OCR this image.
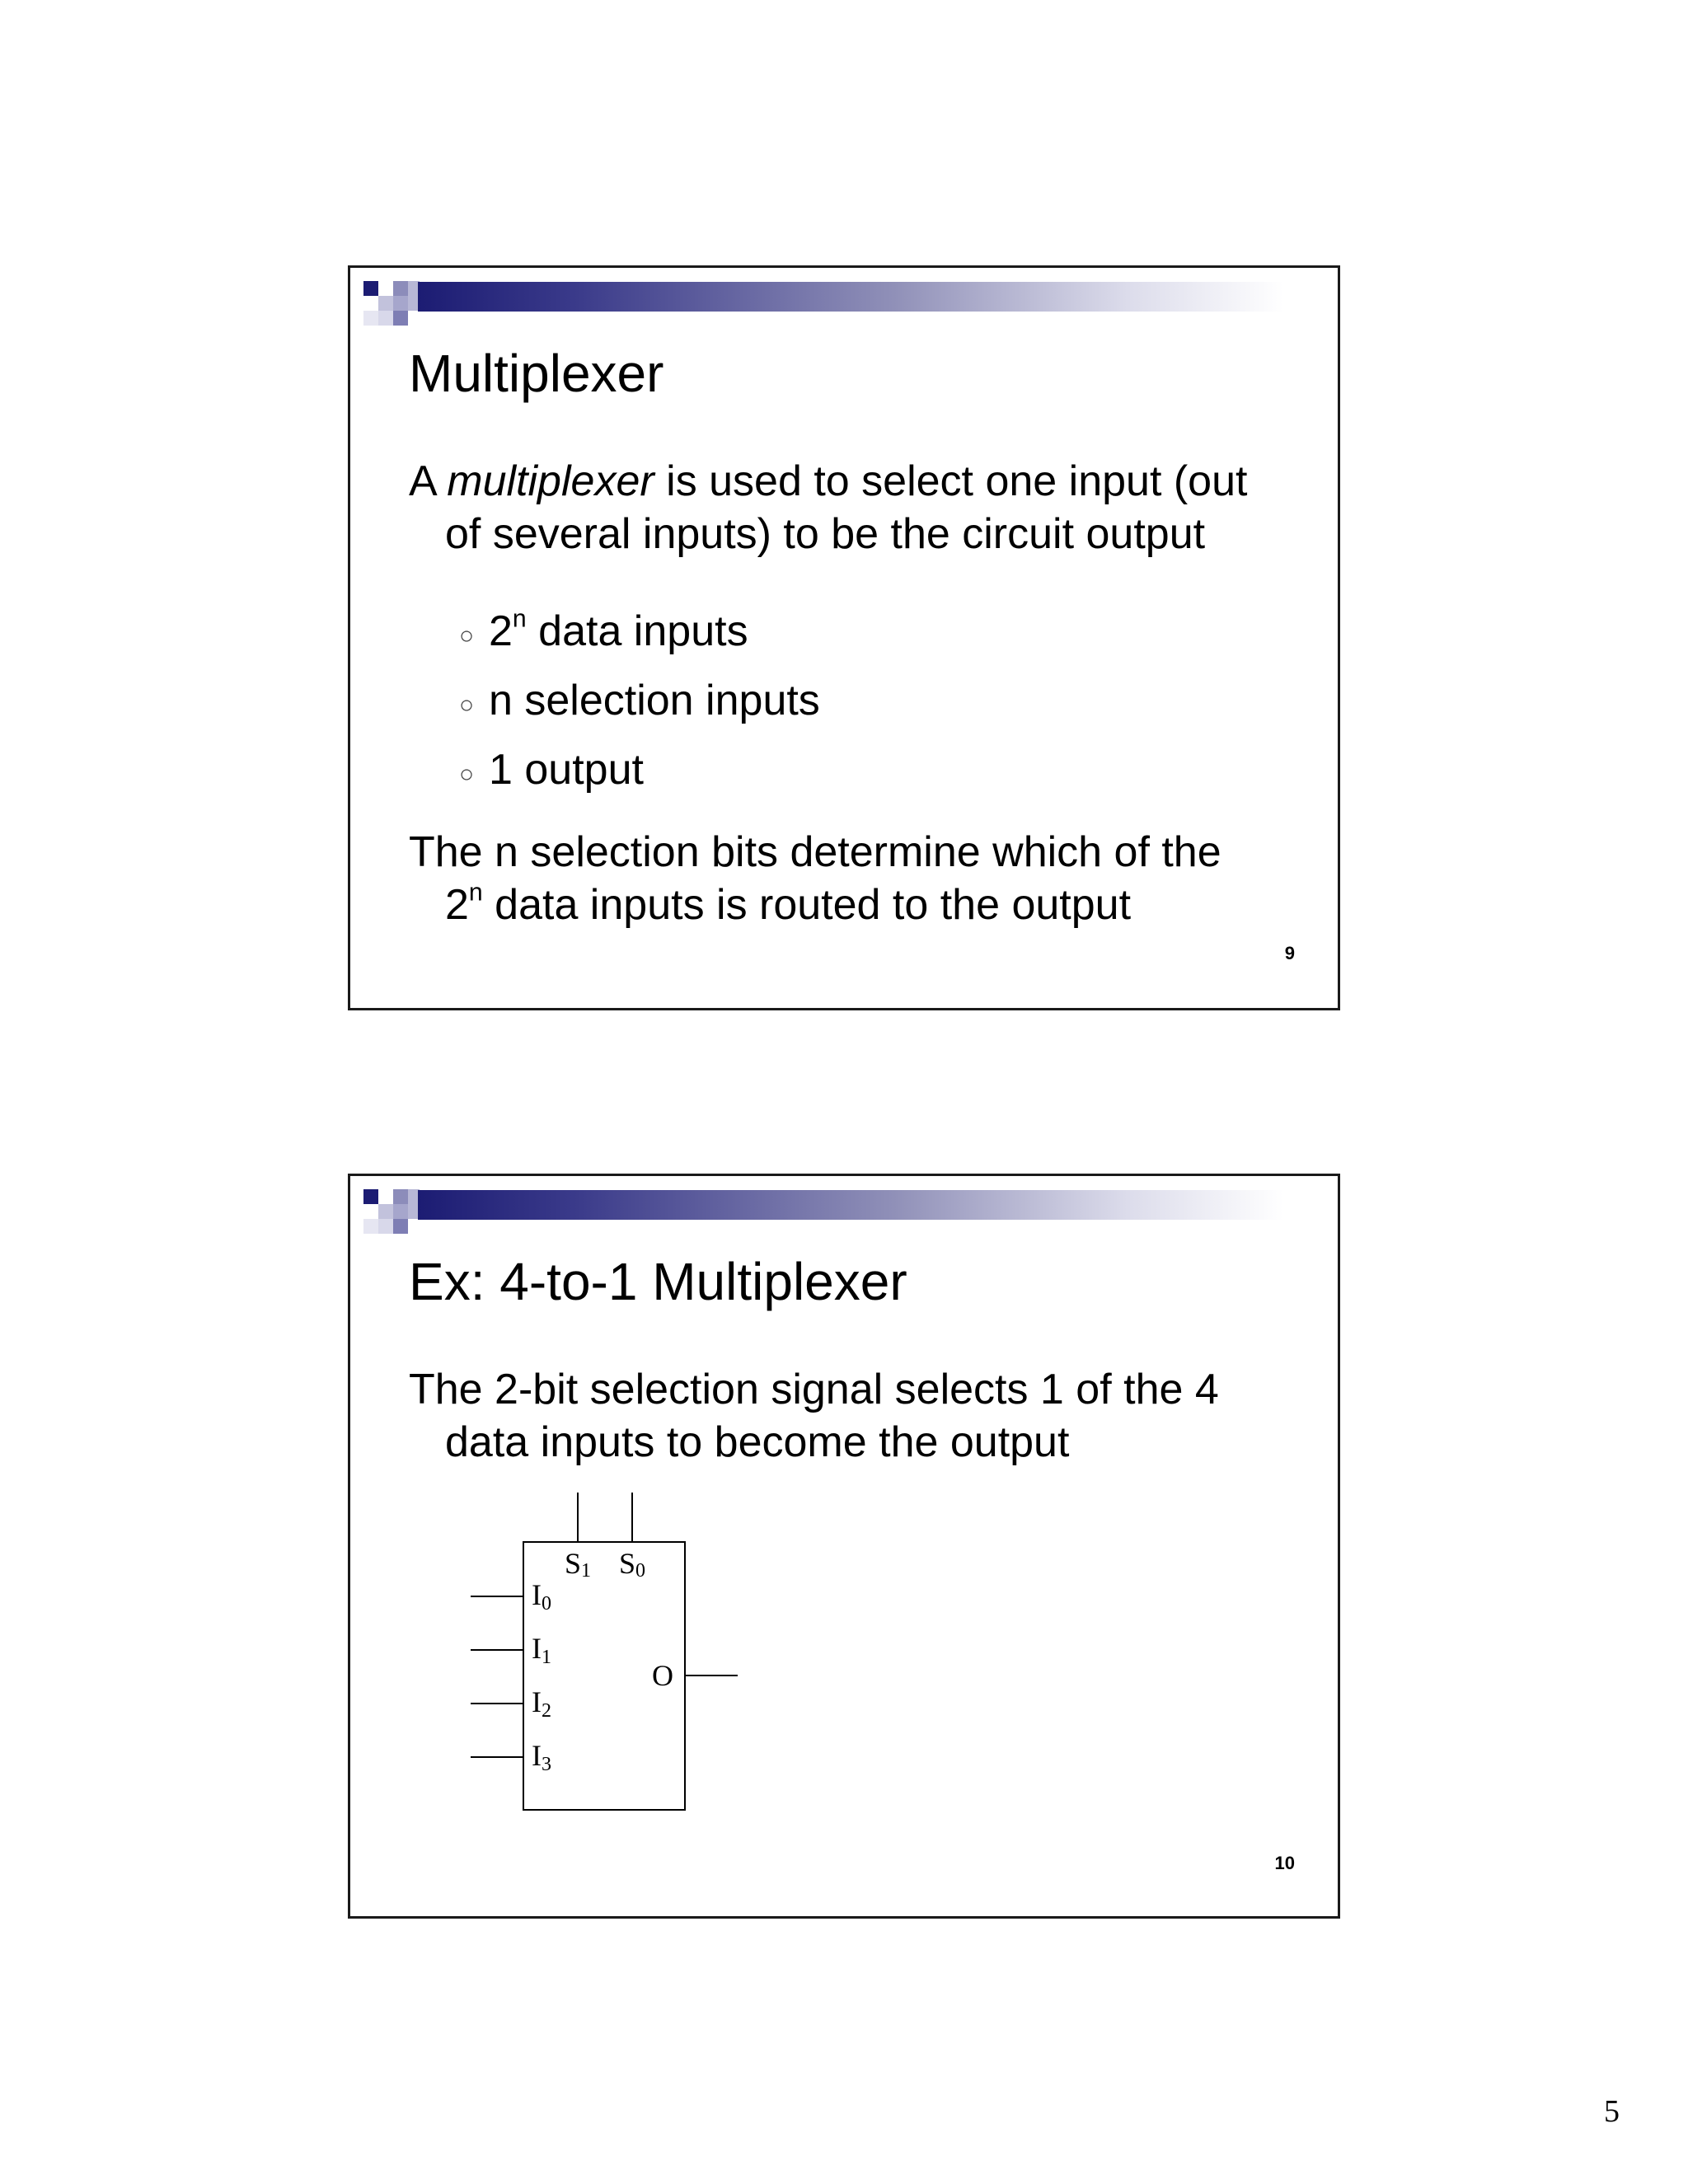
Multiplexer
A multiplexer is used to select one input (out
of several inputs) to be the circuit output
○ 2$^n$ data inputs
○ n selection inputs
○ 1 output
The n selection bits determine which of the
2$^n$ data inputs is routed to the output
9
Ex: 4-to-1 Multiplexer
The 2-bit selection signal selects 1 of the 4
data inputs to become the output
S1 S0
I0
I1
I2
I3
O
10
5
